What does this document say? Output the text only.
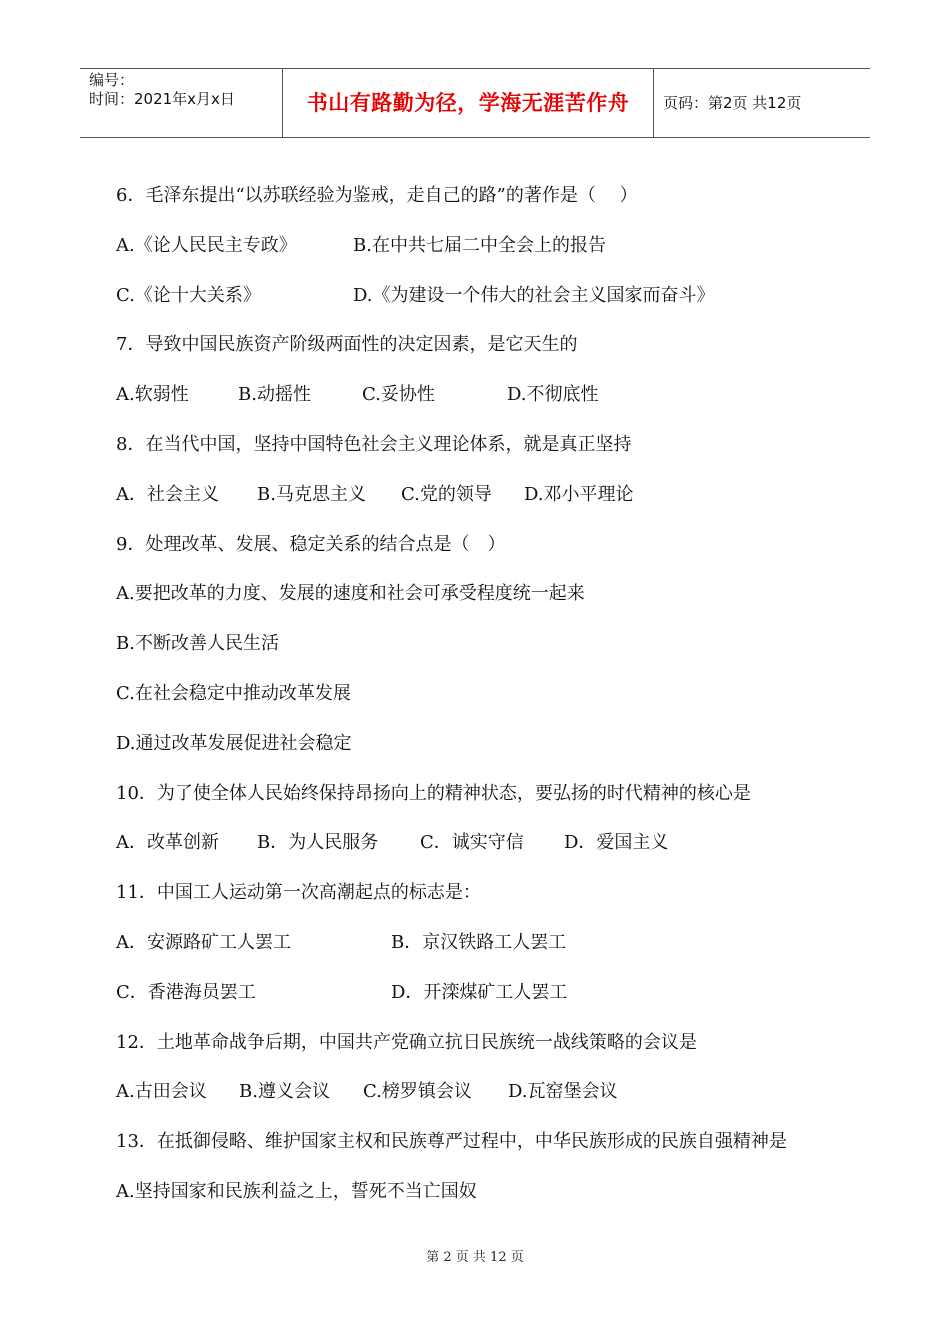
编号：
时间：2021年x月x日	书山有路勤为径，学海无涯苦作舟	页码：第2页 共12页
6．毛泽东提出“以苏联经验为鉴戒，走自己的路”的著作是（　 ）
A.《论人民民主专政》	B.在中共七届二中全会上的报告
C.《论十大关系》	D.《为建设一个伟大的社会主义国家而奋斗》
7．导致中国民族资产阶级两面性的决定因素，是它天生的
A.软弱性	B.动摇性	C.妥协性	D.不彻底性
8．在当代中国，坚持中国特色社会主义理论体系，就是真正坚持
A．社会主义 B.马克思主义 C.党的领导 D.邓小平理论
9．处理改革、发展、稳定关系的结合点是（　）
A.要把改革的力度、发展的速度和社会可承受程度统一起来
B.不断改善人民生活
C.在社会稳定中推动改革发展
D.通过改革发展促进社会稳定
10．为了使全体人民始终保持昂扬向上的精神状态，要弘扬的时代精神的核心是
A．改革创新 B．为人民服务 C．诚实守信 D．爱国主义
11．中国工人运动第一次高潮起点的标志是：
A．安源路矿工人罢工	B．京汉铁路工人罢工
C．香港海员罢工	D．开滦煤矿工人罢工
12．土地革命战争后期，中国共产党确立抗日民族统一战线策略的会议是
A.古田会议 B.遵义会议 C.榜罗镇会议 D.瓦窑堡会议
13．在抵御侵略、维护国家主权和民族尊严过程中，中华民族形成的民族自强精神是
A.坚持国家和民族利益之上，誓死不当亡国奴
第 2 页 共 12 页
